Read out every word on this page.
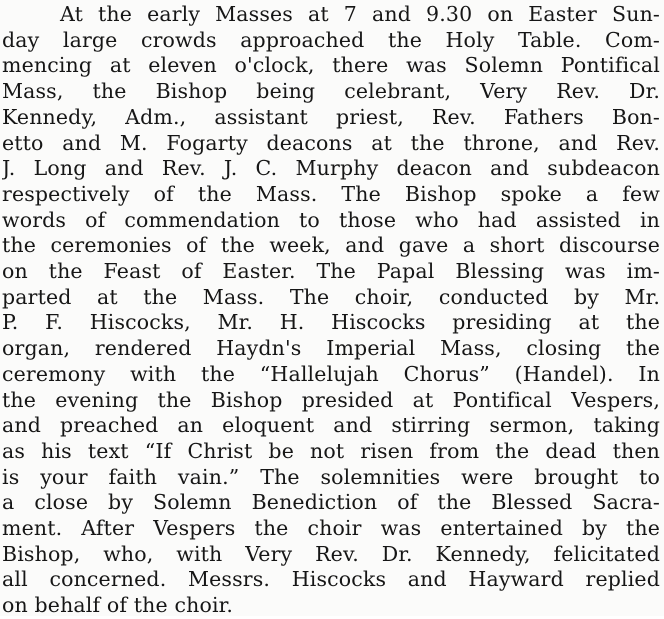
At the early Masses at 7 and 9.30 on Easter Sun-
day large crowds approached the Holy Table. Com-
mencing at eleven o'clock, there was Solemn Pontifical
Mass, the Bishop being celebrant, Very Rev. Dr.
Kennedy, Adm., assistant priest, Rev. Fathers Bon-
etto and M. Fogarty deacons at the throne, and Rev.
J. Long and Rev. J. C. Murphy deacon and subdeacon
respectively of the Mass. The Bishop spoke a few
words of commendation to those who had assisted in
the ceremonies of the week, and gave a short discourse
on the Feast of Easter. The Papal Blessing was im-
parted at the Mass. The choir, conducted by Mr.
P. F. Hiscocks, Mr. H. Hiscocks presiding at the
organ, rendered Haydn's Imperial Mass, closing the
ceremony with the “Hallelujah Chorus” (Handel). In
the evening the Bishop presided at Pontifical Vespers,
and preached an eloquent and stirring sermon, taking
as his text “If Christ be not risen from the dead then
is your faith vain.” The solemnities were brought to
a close by Solemn Benediction of the Blessed Sacra-
ment. After Vespers the choir was entertained by the
Bishop, who, with Very Rev. Dr. Kennedy, felicitated
all concerned. Messrs. Hiscocks and Hayward replied
on behalf of the choir.
